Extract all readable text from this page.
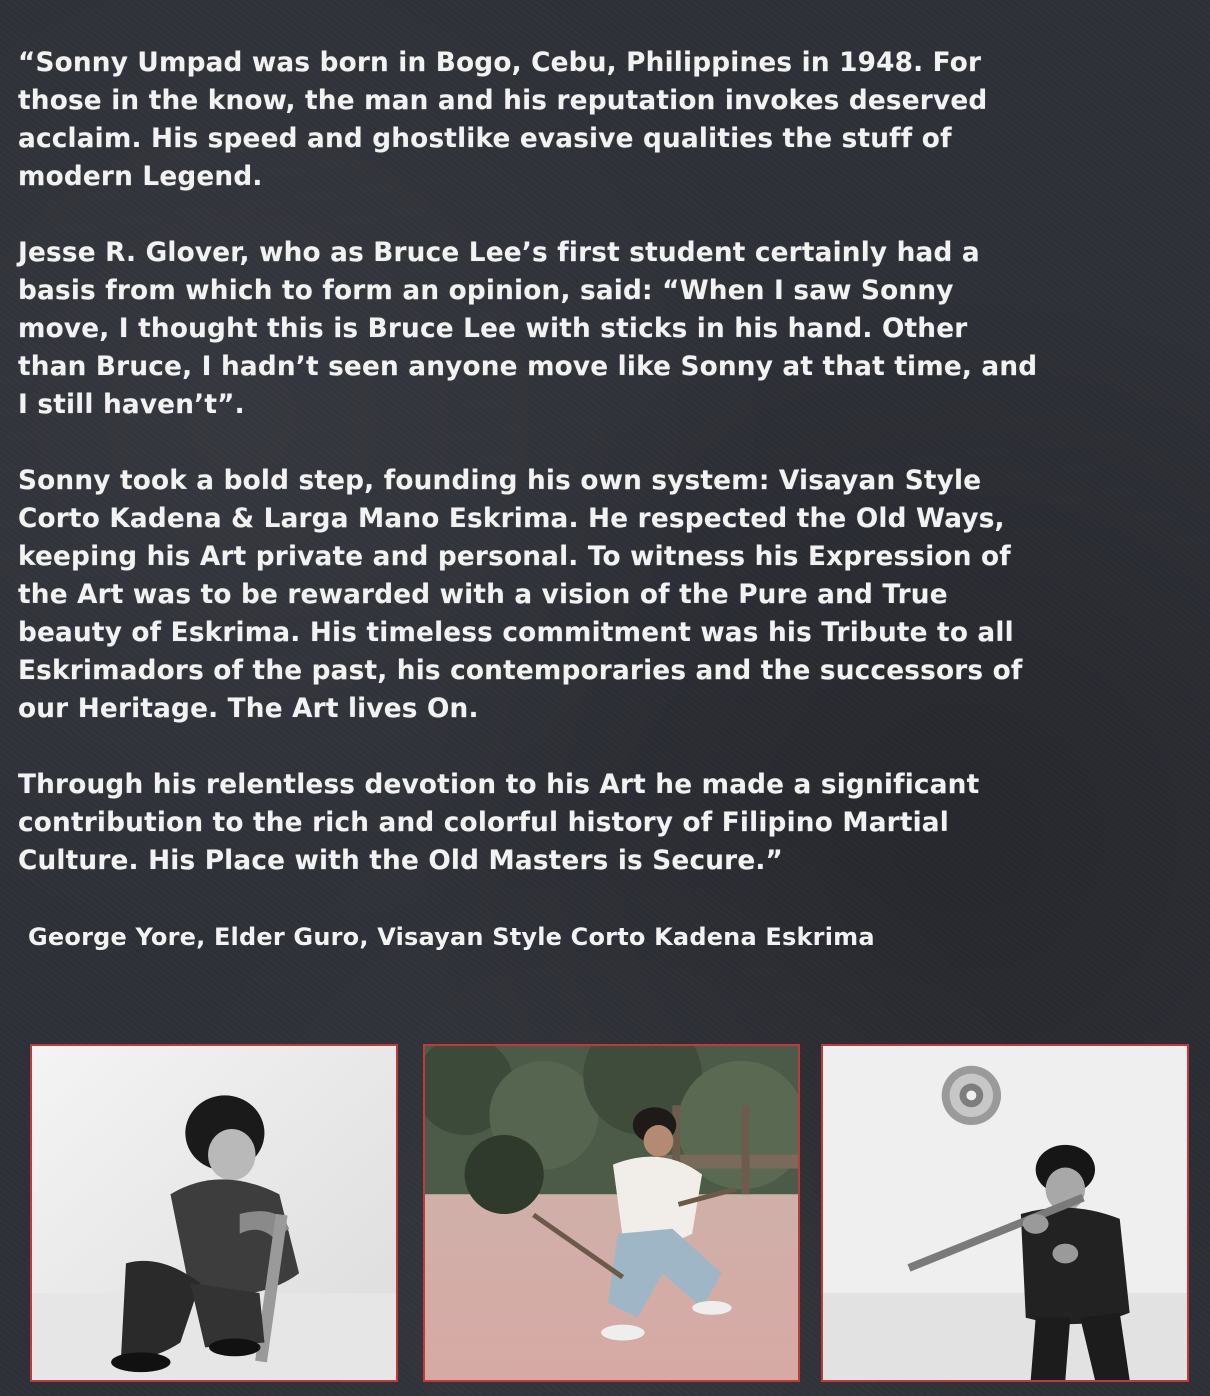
“Sonny Umpad was born in Bogo, Cebu, Philippines in 1948. For
those in the know, the man and his reputation invokes deserved
acclaim. His speed and ghostlike evasive qualities the stuff of
modern Legend.

Jesse R. Glover, who as Bruce Lee’s first student certainly had a
basis from which to form an opinion, said: “When I saw Sonny
move, I thought this is Bruce Lee with sticks in his hand. Other
than Bruce, I hadn’t seen anyone move like Sonny at that time, and
I still haven’t”.

Sonny took a bold step, founding his own system: Visayan Style
Corto Kadena & Larga Mano Eskrima. He respected the Old Ways,
keeping his Art private and personal. To witness his Expression of
the Art was to be rewarded with a vision of the Pure and True
beauty of Eskrima. His timeless commitment was his Tribute to all
Eskrimadors of the past, his contemporaries and the successors of
our Heritage. The Art lives On.

Through his relentless devotion to his Art he made a significant
contribution to the rich and colorful history of Filipino Martial
Culture. His Place with the Old Masters is Secure.”

George Yore, Elder Guro, Visayan Style Corto Kadena Eskrima
